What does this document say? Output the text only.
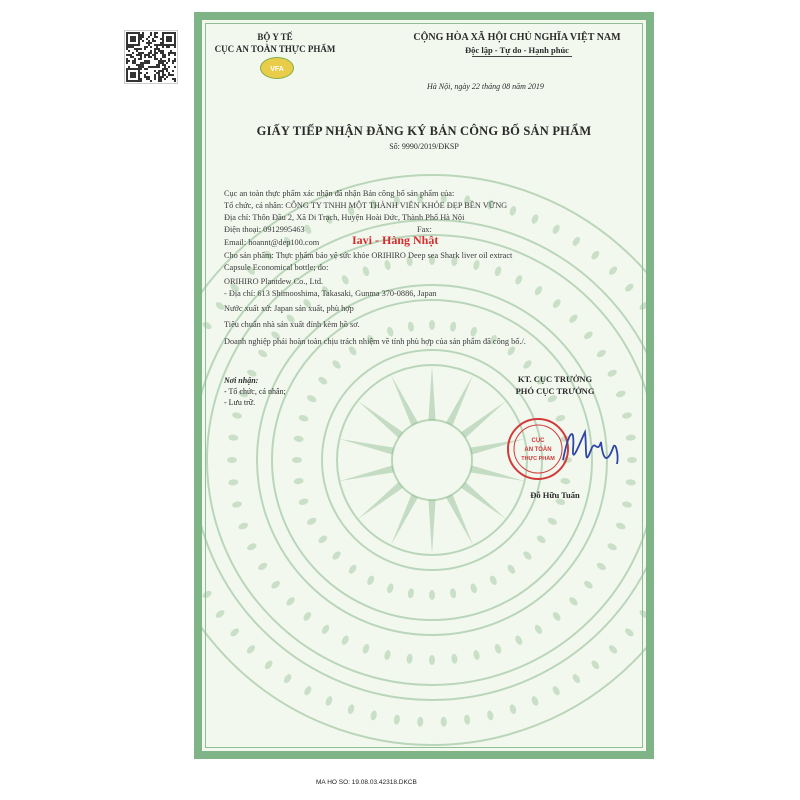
BỘ Y TẾ
CỤC AN TOÀN THỰC PHẨM
VFA
CỘNG HÒA XÃ HỘI CHỦ NGHĨA VIỆT NAM
Độc lập - Tự do - Hạnh phúc
Hà Nội, ngày 22 tháng 08 năm 2019
GIẤY TIẾP NHẬN ĐĂNG KÝ BẢN CÔNG BỐ SẢN PHẨM
Số: 9990/2019/ĐKSP
Cục an toàn thực phẩm xác nhận đã nhận Bản công bố sản phẩm của:
Tổ chức, cá nhân: CÔNG TY TNHH MỘT THÀNH VIÊN KHỎE ĐẸP BỀN VỮNG
Địa chỉ: Thôn Đầu 2, Xã Di Trạch, Huyện Hoài Đức, Thành Phố Hà Nội
Điện thoại: 0912995463	Fax:
Email: hoannt@dep100.com	Iavi - Hàng Nhật
Cho sản phẩm: Thực phẩm bảo vệ sức khỏe ORIHIRO Deep sea Shark liver oil extract
Capsule Economical bottle; do:
ORIHIRO Plantdew Co., Ltd.
- Địa chỉ: 613 Shimooshima, Takasaki, Gunma 370-0886, Japan
Nước xuất xứ: Japan sản xuất, phù hợp
Tiêu chuẩn nhà sản xuất đính kèm hồ sơ.
Doanh nghiệp phải hoàn toàn chịu trách nhiệm về tính phù hợp của sản phẩm đã công bố./.
Nơi nhận:
- Tổ chức, cá nhân;
- Lưu trữ.
KT. CỤC TRƯỞNG
PHÓ CỤC TRƯỞNG
CỤC
AN TOÀN
THỰC PHẨM
Đỗ Hữu Tuấn
MA HO SO: 19.08.03.42318.DKCB
